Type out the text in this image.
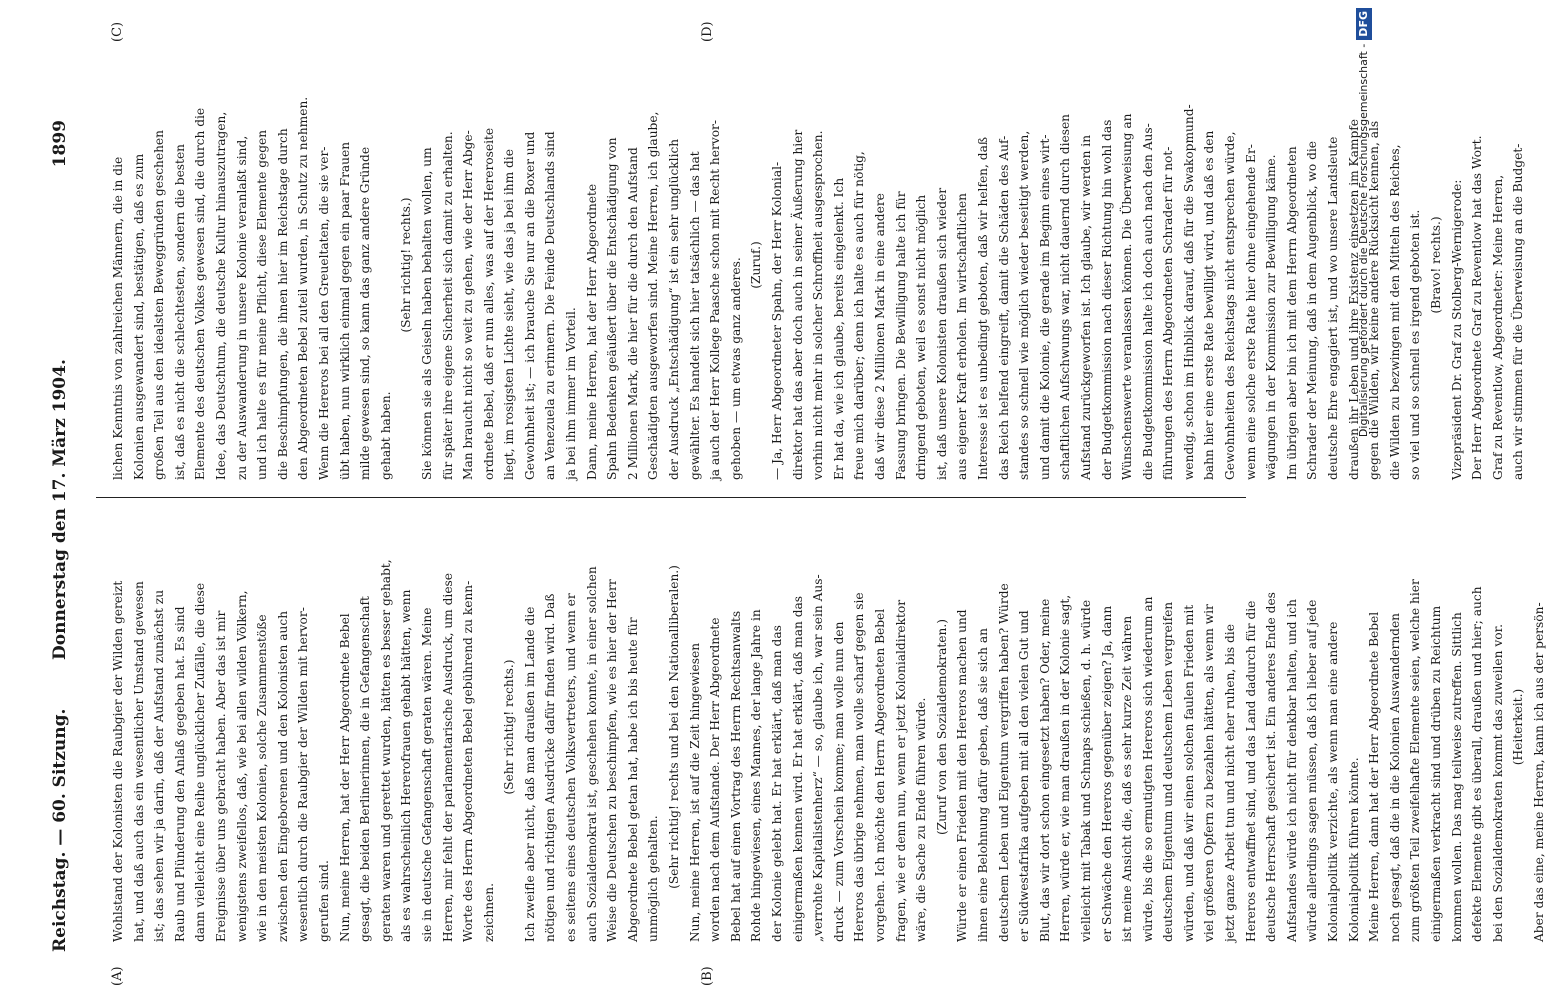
Reichstag. — 60. Sitzung.
Donnerstag den 17. März 1904.
1899
(A)	(B)
(C)	(D)
Wohlstand der Kolonisten die Raubgier der Wilden gereizt hat, und daß auch das ein wesentlicher Umstand gewesen ist; das sehen wir ja darin, daß der Aufstand zunächst zu Raub und Plünderung den Anlaß gegeben hat. Es sind dann vielleicht eine Reihe unglücklicher Zufälle, die diese Ereignisse über uns gebracht haben. Aber das ist mir wenigstens zweifellos, daß, wie bei allen wilden Völkern, wie in den meisten Kolonien, solche Zusammenstöße zwischen den Eingeborenen und den Kolonisten auch wesentlich durch die Raubgier der Wilden mit hervor- gerufen sind. Nun, meine Herren, hat der Herr Abgeordnete Bebel gesagt, die beiden Berlinerinnen, die in Gefangenschaft geraten waren und gerettet wurden, hätten es besser gehabt, als es wahrscheinlich Hererofrauen gehabt hätten, wenn sie in deutsche Gefangenschaft geraten wären. Meine Herren, mir fehlt der parlamentarische Ausdruck, um diese Worte des Herrn Abgeordneten Bebel gebührend zu kenn- zeichnen.
(Sehr richtig! rechts.) Ich zweifle aber nicht, daß man draußen im Lande die nötigen und richtigen Ausdrücke dafür finden wird. Daß es seitens eines deutschen Volksvertreters, und wenn er auch Sozialdemokrat ist, geschehen konnte, in einer solchen Weise die Deutschen zu beschimpfen, wie es hier der Herr Abgeordnete Bebel getan hat, habe ich bis heute für unmöglich gehalten. (Sehr richtig! rechts und bei den Nationalliberalen.) Nun, meine Herren, ist auf die Zeit hingewiesen worden nach dem Aufstande. Der Herr Abgeordnete Bebel hat auf einen Vortrag des Herrn Rechtsanwalts Rohde hingewiesen, eines Mannes, der lange Jahre in der Kolonie gelebt hat. Er hat erklärt, daß man das einigermaßen kennen wird. Er hat erklärt, daß man das „verrohte Kapitalistenherz“ — so, glaube ich, war sein Aus- druck — zum Vorschein komme; man wolle nun den Hereros das übrige nehmen, man wolle scharf gegen sie vorgehen. Ich möchte den Herrn Abgeordneten Bebel fragen, wie er denn nun, wenn er jetzt Kolonialdirektor wäre, die Sache zu Ende führen würde. (Zuruf von den Sozialdemokraten.) Würde er einen Frieden mit den Hereros machen und ihnen eine Belohnung dafür geben, daß sie sich an deutschem Leben und Eigentum vergriffen haben? Würde er Südwestafrika aufgeben mit all den vielen Gut und Blut, das wir dort schon eingesetzt haben? Oder, meine Herren, würde er, wie man draußen in der Kolonie sagt, vielleicht mit Tabak und Schnaps schießen, d. h. würde er Schwäche den Hereros gegenüber zeigen? Ja, dann ist meine Ansicht die, daß es sehr kurze Zeit währen würde, bis die so ermutigten Hereros sich wiederum an deutschem Eigentum und deutschem Leben vergreifen würden, und daß wir einen solchen faulen Frieden mit viel größeren Opfern zu bezahlen hätten, als wenn wir jetzt ganze Arbeit tun und nicht eher ruhen, bis die Hereros entwaffnet sind, und das Land dadurch für die deutsche Herrschaft gesichert ist. Ein anderes Ende des Aufstandes würde ich nicht für denkbar halten, und ich würde allerdings sagen müssen, daß ich lieber auf jede Kolonialpolitik verzichte, als wenn man eine andere Kolonialpolitik führen könnte. Meine Herren, dann hat der Herr Abgeordnete Bebel noch gesagt, daß die in die Kolonien Auswandernden zum größten Teil zweifelhafte Elemente seien, welche hier einigermaßen verkracht sind und drüben zu Reichtum kommen wollen. Das mag teilweise zutreffen. Sittlich defekte Elemente gibt es überall, draußen und hier; auch bei den Sozialdemokraten kommt das zuweilen vor. (Heiterkeit.) Aber das eine, meine Herren, kann ich aus der persön-
lichen Kenntnis von zahlreichen Männern, die in die Kolonien ausgewandert sind, bestätigen, daß es zum großen Teil aus den idealsten Beweggründen geschehen ist, daß es nicht die schlechtesten, sondern die besten Elemente des deutschen Volkes gewesen sind, die durch die Idee, das Deutschtum, die deutsche Kultur hinauszutragen, zu der Auswanderung in unsere Kolonie veranlaßt sind, und ich halte es für meine Pflicht, diese Elemente gegen die Beschimpfungen, die ihnen hier im Reichstage durch den Abgeordneten Bebel zuteil wurden, in Schutz zu nehmen. Wenn die Hereros bei all den Greueltaten, die sie ver- übt haben, nun wirklich einmal gegen ein paar Frauen milde gewesen sind, so kann das ganz andere Gründe gehabt haben.
(Sehr richtig! rechts.) Sie können sie als Geiseln haben behalten wollen, um für später ihre eigene Sicherheit sich damit zu erhalten. Man braucht nicht so weit zu gehen, wie der Herr Abge- ordnete Bebel, daß er nun alles, was auf der Hereroseite liegt, im rosigsten Lichte sieht, wie das ja bei ihm die Gewohnheit ist; — ich brauche Sie nur an die Boxer und an Venezuela zu erinnern. Die Feinde Deutschlands sind ja bei ihm immer im Vorteil. Dann, meine Herren, hat der Herr Abgeordnete Spahn Bedenken geäußert über die Entschädigung von 2 Millionen Mark, die hier für die durch den Aufstand Geschädigten ausgeworfen sind. Meine Herren, ich glaube, der Ausdruck „Entschädigung“ ist ein sehr unglücklich gewählter. Es handelt sich hier tatsächlich — das hat ja auch der Herr Kollege Paasche schon mit Recht hervor- gehoben — um etwas ganz anderes. (Zuruf.) — Ja, Herr Abgeordneter Spahn, der Herr Kolonial- direktor hat das aber doch auch in seiner Äußerung hier vorhin nicht mehr in solcher Schroffheit ausgesprochen. Er hat da, wie ich glaube, bereits eingelenkt. Ich freue mich darüber; denn ich halte es auch für nötig, daß wir diese 2 Millionen Mark in eine andere Fassung bringen. Die Bewilligung halte ich für dringend geboten, weil es sonst nicht möglich ist, daß unsere Kolonisten draußen sich wieder aus eigener Kraft erholen. Im wirtschaftlichen Interesse ist es unbedingt geboten, daß wir helfen, daß das Reich helfend eingreift, damit die Schäden des Auf- standes so schnell wie möglich wieder beseitigt werden, und damit die Kolonie, die gerade im Beginn eines wirt- schaftlichen Aufschwungs war, nicht dauernd durch diesen Aufstand zurückgeworfen ist. Ich glaube, wir werden in der Budgetkommission nach dieser Richtung hin wohl das Wünschenswerte veranlassen können. Die Überweisung an die Budgetkommission halte ich doch auch nach den Aus- führungen des Herrn Abgeordneten Schrader für not- wendig, schon im Hinblick darauf, daß für die Swakopmund- bahn hier eine erste Rate bewilligt wird, und daß es den Gewohnheiten des Reichstags nicht entsprechen würde, wenn eine solche erste Rate hier ohne eingehende Er- wägungen in der Kommission zur Bewilligung käme. Im übrigen aber bin ich mit dem Herrn Abgeordneten Schrader der Meinung, daß in dem Augenblick, wo die deutsche Ehre engagiert ist, und wo unsere Landsleute draußen ihr Leben und ihre Existenz einsetzen im Kampfe gegen die Wilden, wir keine andere Rücksicht kennen, als die Wilden zu bezwingen mit den Mitteln des Reiches, so viel und so schnell es irgend geboten ist. (Bravo! rechts.) Vizepräsident Dr. Graf zu Stolberg-Wernigerode: Der Herr Abgeordnete Graf zu Reventlow hat das Wort. Graf zu Reventlow, Abgeordneter: Meine Herren, auch wir stimmen für die Überweisung an die Budget-
Digitalisierung gefördert durch die Deutsche Forschungsgemeinschaft -DFG
